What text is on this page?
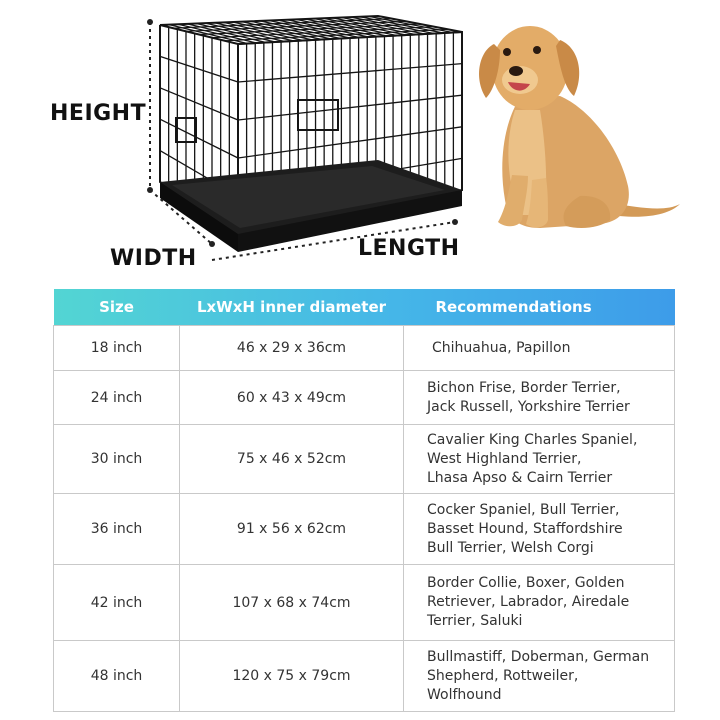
HEIGHT
WIDTH	LENGTH
Size	LxWxH inner diameter	Recommendations
18 inch	46 x 29 x 36cm	Chihuahua, Papillon

24 inch	60 x 43 x 49cm	Bichon Frise, Border Terrier,
Jack Russell, Yorkshire Terrier

30 inch	75 x 46 x 52cm	Cavalier King Charles Spaniel,
West Highland Terrier,
Lhasa Apso & Cairn Terrier

36 inch	91 x 56 x 62cm	Cocker Spaniel, Bull Terrier,
Basset Hound, Staffordshire
Bull Terrier, Welsh Corgi

42 inch	107 x 68 x 74cm	Border Collie, Boxer, Golden
Retriever, Labrador, Airedale
Terrier, Saluki

48 inch	120 x 75 x 79cm	Bullmastiff, Doberman, German
Shepherd, Rottweiler,
Wolfhound
